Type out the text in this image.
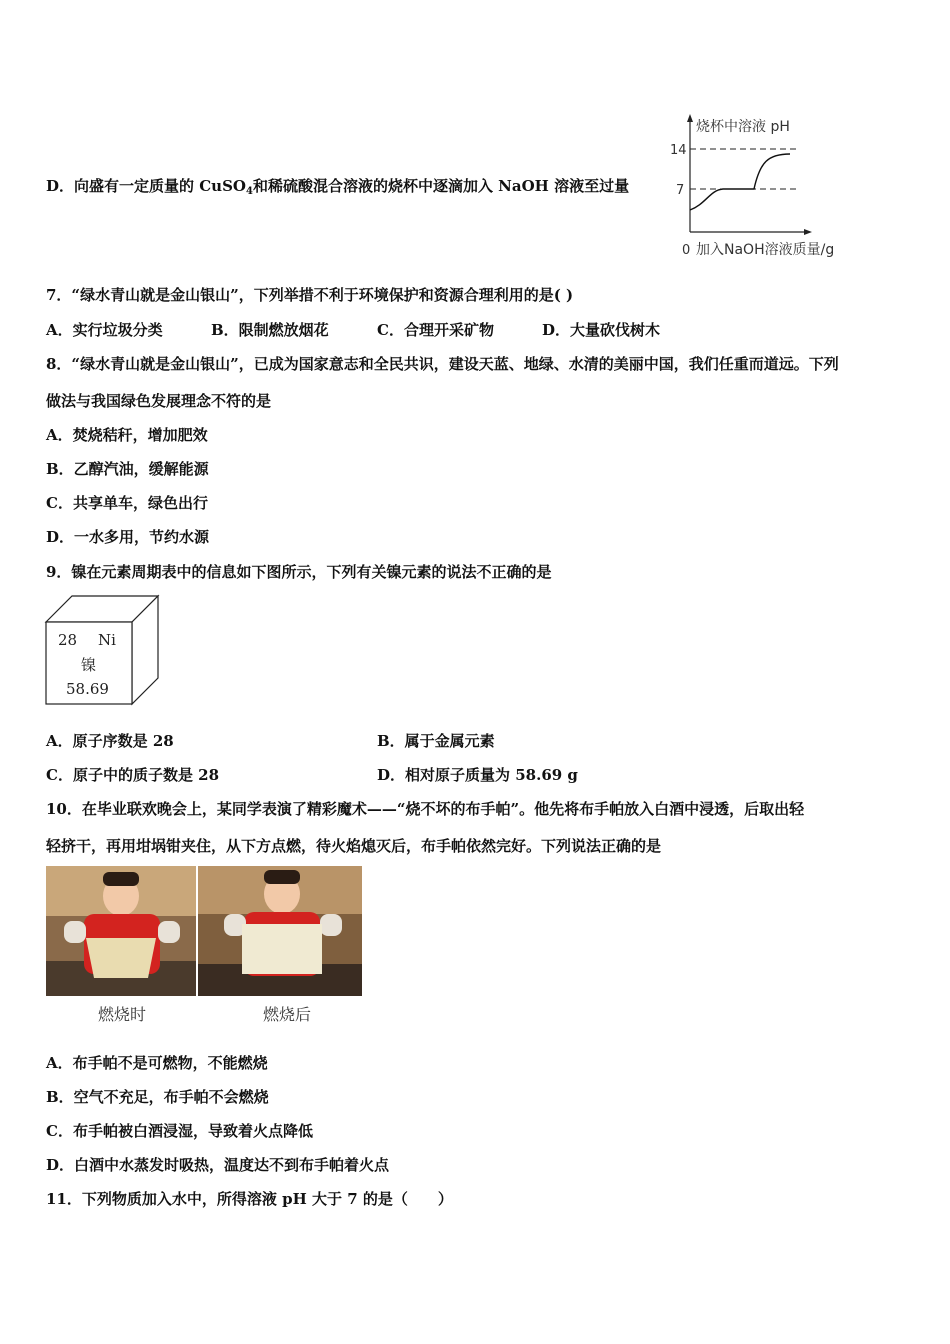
D．向盛有一定质量的 CuSO$_4$和稀硫酸混合溶液的烧杯中逐滴加入 NaOH 溶液至过量
烧杯中溶液 pH
14
7
0 加入NaOH溶液质量/g
7．“绿水青山就是金山银山”，下列举措不利于环境保护和资源合理利用的是( )
A．实行垃圾分类	B．限制燃放烟花	C．合理开采矿物	D．大量砍伐树木
8．“绿水青山就是金山银山”，已成为国家意志和全民共识，建设天蓝、地绿、水清的美丽中国，我们任重而道远。下列
做法与我国绿色发展理念不符的是
A．焚烧秸秆，增加肥效
B．乙醇汽油，缓解能源
C．共享单车，绿色出行
D．一水多用，节约水源
9．镍在元素周期表中的信息如下图所示，下列有关镍元素的说法不正确的是
28 Ni
镍
58.69
A．原子序数是 28	B．属于金属元素
C．原子中的质子数是 28	D．相对原子质量为 58.69 g
10．在毕业联欢晚会上，某同学表演了精彩魔术——“烧不坏的布手帕”。他先将布手帕放入白酒中浸透，后取出轻
轻挤干，再用坩埚钳夹住，从下方点燃，待火焰熄灭后，布手帕依然完好。下列说法正确的是
燃烧时	燃烧后
A．布手帕不是可燃物，不能燃烧
B．空气不充足，布手帕不会燃烧
C．布手帕被白酒浸湿，导致着火点降低
D．白酒中水蒸发时吸热，温度达不到布手帕着火点
11．下列物质加入水中，所得溶液 pH 大于 7 的是（　　）
